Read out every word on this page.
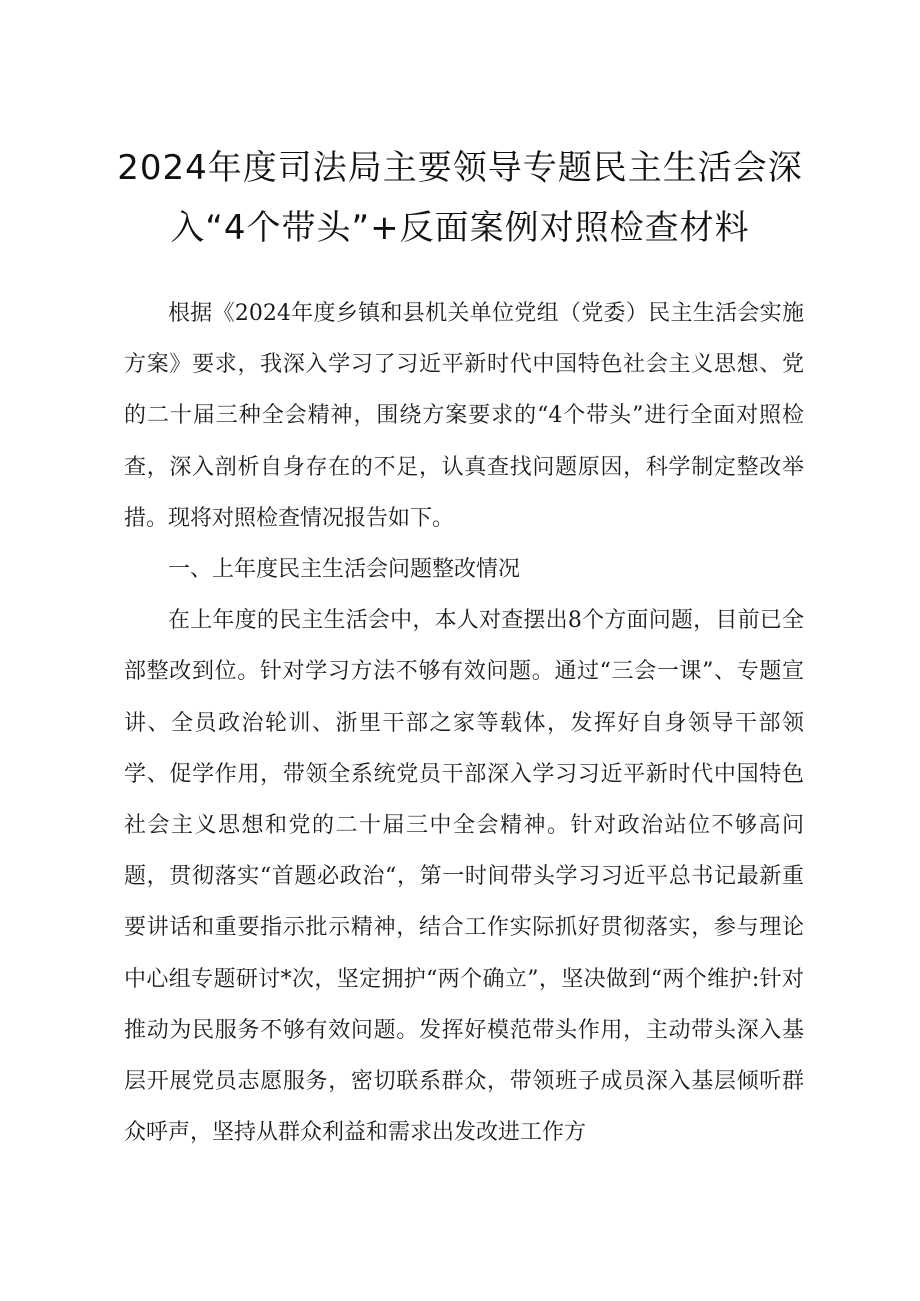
2024年度司法局主要领导专题民主生活会深
入“4个带头”+反面案例对照检查材料

根据《2024年度乡镇和县机关单位党组（党委）民主生活会实施方案》要求，我深入学习了习近平新时代中国特色社会主义思想、党的二十届三种全会精神，围绕方案要求的“4个带头”进行全面对照检查，深入剖析自身存在的不足，认真查找问题原因，科学制定整改举措。现将对照检查情况报告如下。

一、上年度民主生活会问题整改情况

在上年度的民主生活会中，本人对查摆出8个方面问题，目前已全部整改到位。针对学习方法不够有效问题。通过“三会一课”、专题宣讲、全员政治轮训、浙里干部之家等载体，发挥好自身领导干部领学、促学作用，带领全系统党员干部深入学习习近平新时代中国特色社会主义思想和党的二十届三中全会精神。针对政治站位不够高问题，贯彻落实“首题必政治“，第一时间带头学习习近平总书记最新重要讲话和重要指示批示精神，结合工作实际抓好贯彻落实，参与理论中心组专题研讨*次，坚定拥护“两个确立”，坚决做到“两个维护:针对推动为民服务不够有效问题。发挥好模范带头作用，主动带头深入基层开展党员志愿服务，密切联系群众，带领班子成员深入基层倾听群众呼声，坚持从群众利益和需求出发改进工作方
